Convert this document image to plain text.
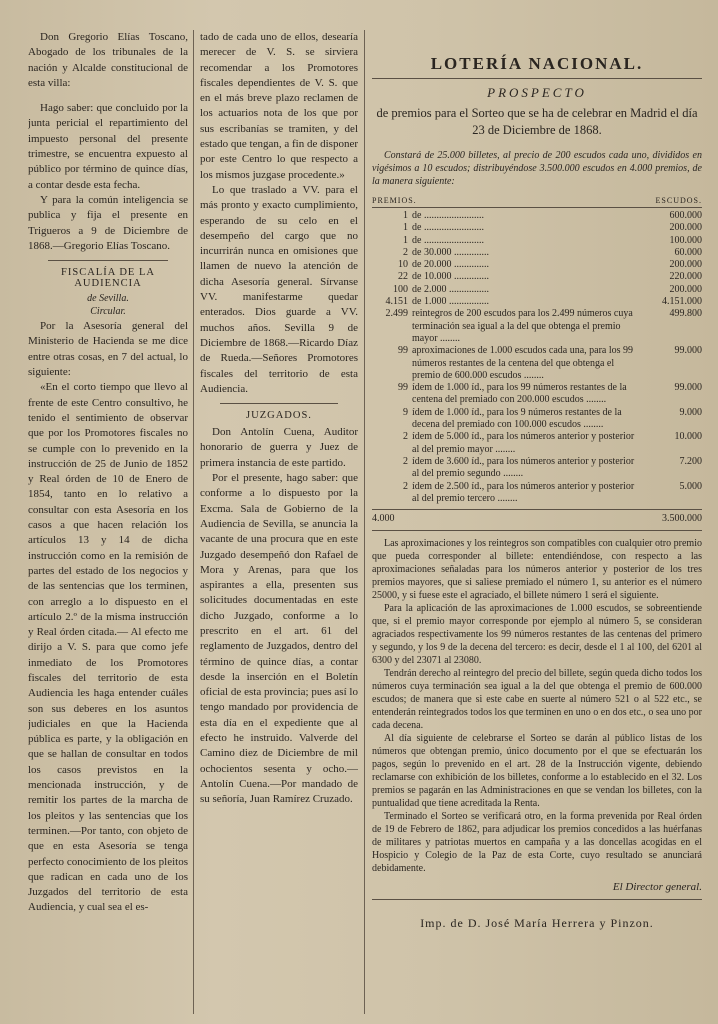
Don Gregorio Elías Toscano, Abogado de los tribunales de la nación y Alcalde constitucional de esta villa:

Hago saber: que concluido por la junta pericial el repartimiento del impuesto personal del presente trimestre, se encuentra expuesto al público por término de quince días, a contar desde esta fecha.

Y para la común inteligencia se publica y fija el presente en Trigueros a 9 de Diciembre de 1868.—Gregorio Elías Toscano.

FISCALÍA DE LA AUDIENCIA
de Sevilla.
Circular.

Por la Asesoría general del Ministerio de Hacienda se me dice entre otras cosas, en 7 del actual, lo siguiente:

«En el corto tiempo que llevo al frente de este Centro consultivo, he tenido el sentimiento de observar que por los Promotores fiscales no se cumple con lo prevenido en la instrucción de 25 de Junio de 1852 y Real órden de 10 de Enero de 1854, tanto en lo relativo a consultar con esta Asesoría en los casos a que hacen relación los artículos 13 y 14 de dicha instrucción como en la remisión de partes del estado de los negocios y de las sentencias que los terminen, con arreglo a lo dispuesto en el artículo 2.º de la misma instrucción y Real órden citada.— Al efecto me dirijo a V. S. para que como jefe inmediato de los Promotores fiscales del territorio de esta Audiencia les haga entender cuáles son sus deberes en los asuntos judiciales en que la Hacienda pública es parte, y la obligación en que se hallan de consultar en todos los casos previstos en la mencionada instrucción, y de remitir los partes de la marcha de los pleitos y las sentencias que los terminen.—Por tanto, con objeto de que en esta Asesoría se tenga perfecto conocimiento de los pleitos que radican en cada uno de los Juzgados del territorio de esta Audiencia, y cual sea el es-

tado de cada uno de ellos, desearía merecer de V. S. se sirviera recomendar a los Promotores fiscales dependientes de V. S. que en el más breve plazo reclamen de los actuarios nota de los que por sus escribanías se tramiten, y del estado que tengan, a fin de disponer por este Centro lo que respecto a los mismos juzgase procedente.»

Lo que traslado a VV. para el más pronto y exacto cumplimiento, esperando de su celo en el desempeño del cargo que no incurrirán nunca en omisiones que llamen de nuevo la atención de dicha Asesoría general. Sírvanse VV. manifestarme quedar enterados. Dios guarde a VV. muchos años. Sevilla 9 de Diciembre de 1868.—Ricardo Díaz de Rueda.—Señores Promotores fiscales del territorio de esta Audiencia.

JUZGADOS.

Don Antolín Cuena, Auditor honorario de guerra y Juez de primera instancia de este partido.

Por el presente, hago saber: que conforme a lo dispuesto por la Excma. Sala de Gobierno de la Audiencia de Sevilla, se anuncia la vacante de una procura que en este Juzgado desempeñó don Rafael de Mora y Arenas, para que los aspirantes a ella, presenten sus solicitudes documentadas en este dicho Juzgado, conforme a lo prescrito en el art. 61 del reglamento de Juzgados, dentro del término de quince días, a contar desde la inserción en el Boletín oficial de esta provincia; pues así lo tengo mandado por providencia de esta día en el expediente que al efecto he instruido. Valverde del Camino diez de Diciembre de mil ochocientos sesenta y ocho.—Antolín Cuena.—Por mandado de su señoría, Juan Ramírez Cruzado.

LOTERÍA NACIONAL.
PROSPECTO
de premios para el Sorteo que se ha de celebrar en Madrid el día 23 de Diciembre de 1868.
Constará de 25.000 billetes, al precio de 200 escudos cada uno, divididos en vigésimos a 10 escudos; distribuyéndose 3.500.000 escudos en 4.000 premios, de la manera siguiente:
PREMIOS.	ESCUDOS.
1	de ........................	600.000
1	de ........................	200.000
1	de ........................	100.000
2	de 30.000 ..............	60.000
10	de 20.000 ..............	200.000
22	de 10.000 ..............	220.000
100	de 2.000 ................	200.000
4.151	de 1.000 ................	4.151.000
2.499	reintegros de 200 escudos para los 2.499 números cuya terminación sea igual a la del que obtenga el premio mayor ........	499.800
99	aproximaciones de 1.000 escudos cada una, para los 99 números restantes de la centena del que obtenga el premio de 600.000 escudos ........	99.000
99	ídem de 1.000 íd., para los 99 números restantes de la centena del premiado con 200.000 escudos ........	99.000
9	ídem de 1.000 íd., para los 9 números restantes de la decena del premiado con 100.000 escudos ........	9.000
2	ídem de 5.000 íd., para los números anterior y posterior al del premio mayor ........	10.000
2	ídem de 3.600 íd., para los números anterior y posterior al del premio segundo ........	7.200
2	ídem de 2.500 íd., para los números anterior y posterior al del premio tercero ........	5.000
4.000	3.500.000

Las aproximaciones y los reintegros son compatibles con cualquier otro premio que pueda corresponder al billete: entendiéndose, con respecto a las aproximaciones señaladas para los números anterior y posterior de los tres premios mayores, que si saliese premiado el número 1, su anterior es el número 25000, y si fuese este el agraciado, el billete número 1 será el siguiente.

Para la aplicación de las aproximaciones de 1.000 escudos, se sobreentiende que, si el premio mayor corresponde por ejemplo al número 5, se consideran agraciados respectivamente los 99 números restantes de las centenas del primero y segundo, y los 9 de la decena del tercero: es decir, desde el 1 al 100, del 6201 al 6300 y del 23071 al 23080.

Tendrán derecho al reintegro del precio del billete, según queda dicho todos los números cuya terminación sea igual a la del que obtenga el premio de 600.000 escudos; de manera que si este cabe en suerte al número 521 o al 522 etc., se entenderán reintegrados todos los que terminen en uno o en dos etc., o sea uno por cada decena.

Al día siguiente de celebrarse el Sorteo se darán al público listas de los números que obtengan premio, único documento por el que se efectuarán los pagos, según lo prevenido en el art. 28 de la Instrucción vigente, debiendo reclamarse con exhibición de los billetes, conforme a lo establecido en el 32. Los premios se pagarán en las Administraciones en que se vendan los billetes, con la puntualidad que tiene acreditada la Renta.

Terminado el Sorteo se verificará otro, en la forma prevenida por Real órden de 19 de Febrero de 1862, para adjudicar los premios concedidos a las huérfanas de militares y patriotas muertos en campaña y a las doncellas acogidas en el Hospicio y Colegio de la Paz de esta Corte, cuyo resultado se anunciará debidamente.

El Director general.
Imp. de D. José María Herrera y Pinzon.
